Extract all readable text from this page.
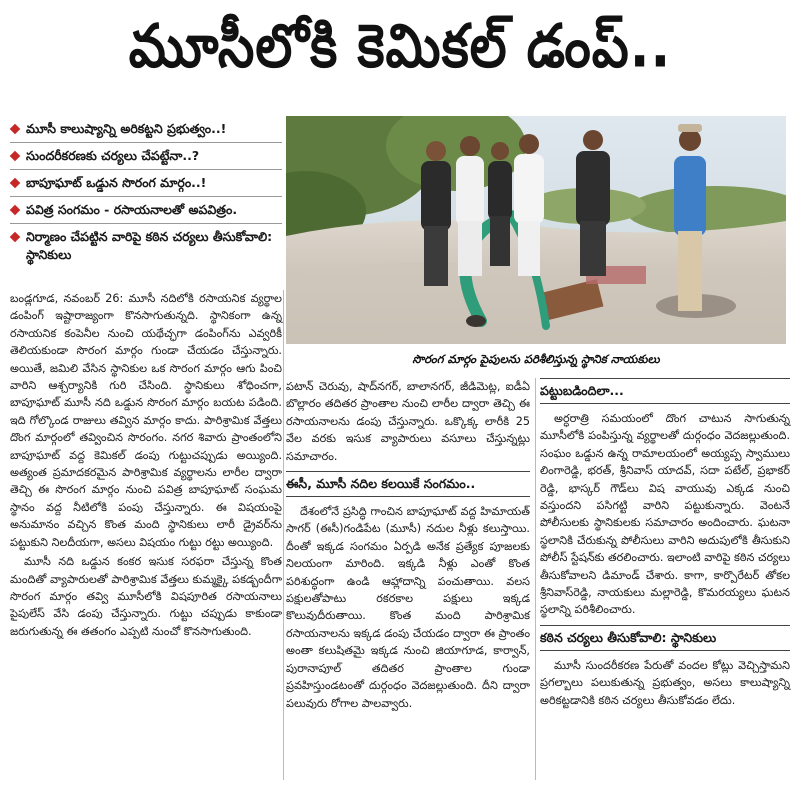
మూసీలోకి కెమికల్ డంప్..
మూసీ కాలుష్యాన్ని అరికట్టని ప్రభుత్వం..!
సుందరీకరణకు చర్యలు చేపట్టేనా..?
బాపూఘాట్ ఒడ్డున సొరంగ మార్గం..!
పవిత్ర సంగమం - రసాయనాలతో అపవిత్రం.
నిర్మాణం చేపట్టిన వారిపై కఠిన చర్యలు తీసుకోవాలి: స్థానికులు
సొరంగ మార్గం పైపులను పరిశీలిస్తున్న స్థానిక నాయకులు

బండ్లగూడ, నవంబర్ 26: మూసీ నదిలోకి రసాయనిక వ్యర్థాల డంపింగ్ ఇష్టారాజ్యంగా కొనసాగుతున్నది. స్థానికంగా ఉన్న రసాయనిక కంపెనీల నుంచి యథేచ్ఛగా డంపింగ్‌ను ఎవ్వరికీ తెలియకుండా సొరంగ మార్గం గుండా చేయడం చేస్తున్నారు. అయితే, జమిలి వేసిన స్థానికుల ఒక సొరంగ మార్గం ఆగు పించి వారిని ఆశ్చర్యానికి గురి చేసింది. స్థానికులు శోధించగా, బాపూఘాట్ మూసీ నది ఒడ్డున సొరంగ మార్గం బయట పడింది. ఇది గోల్కొండ రాజులు తవ్విన మార్గం కాదు. పారిశ్రామిక వేత్తలు దొంగ మార్గంలో తవ్వించిన సొరంగం. నగర శివారు ప్రాంతంలోని బాపూఘాట్ వద్ద కెమికల్ డంపు గుట్టుచప్పుడు అయ్యింది. అత్యంత ప్రమాదకరమైన పారిశ్రామిక వ్యర్థాలను లారీల ద్వారా తెచ్చి ఈ సొరంగ మార్గం నుంచి పవిత్ర బాపూఘాట్ సంఘమ స్థానం వద్ద నీటిలోకి పంపు చేస్తున్నారు. ఈ విషయంపై అనుమానం వచ్చిన కొంత మంది స్థానికులు లారీ డ్రైవర్‌ను పట్టుకుని నిలదీయగా, అసలు విషయం గుట్టు రట్టు అయ్యింది.

మూసీ నది ఒడ్డున కంకర ఇసుక సరఫరా చేస్తున్న కొంత మందితో వ్యాపారులతో పారిశ్రామిక వేత్తలు కుమ్మక్కై పకడ్బందీగా సొరంగ మార్గం తవ్వి మూసీలోకి విషపూరిత రసాయనాలు పైపులేస్ వేసి డంపు చేస్తున్నారు. గుట్టు చప్పుడు కాకుండా జరుగుతున్న ఈ తతంగం ఎప్పటి నుంచో కొనసాగుతుంది.

పటాన్ చెరువు, షాద్‌నగర్, బాలానగర్, జీడిమెట్ల, ఐడీఏ బొల్లారం తదితర ప్రాంతాల నుంచి లారీల ద్వారా తెచ్చి ఈ రసాయనాలను డంపు చేస్తున్నారు. ఒక్కొక్క లారీకి 25 వేల వరకు ఇసుక వ్యాపారులు వసూలు చేస్తున్నట్లు సమాచారం.

ఈసీ, మూసీ నదిల కలయికే సంగమం..

దేశంలోనే ప్రసిద్ధి గాంచిన బాపూఘాట్ వద్ద హిమాయత్ సాగర్ (ఈసీ)గండిపేట (మూసీ) నదుల నీళ్లు కలుస్తాయి. దీంతో ఇక్కడ సంగమం ఏర్పడి అనేక ప్రత్యేక పూజలకు నిలయంగా మారింది. ఇక్కడి నీళ్లు ఎంతో కొంత పరిశుద్ధంగా ఉండి ఆహ్లాదాన్ని పంచుతాయి. వలస పక్షులతోపాటు రకరకాల పక్షులు ఇక్కడ కొలువుదీరుతాయి. కొంత మంది పారిశ్రామిక రసాయనాలను ఇక్కడ డంపు చేయడం ద్వారా ఈ ప్రాంతం అంతా కలుషితమై ఇక్కడ నుంచి జియాగూడ, కార్వాన్, పురానాపూల్ తదితర ప్రాంతాల గుండా ప్రవహిస్తుండటంతో దుర్గంధం వెదజల్లుతుంది. దీని ద్వారా పలువురు రోగాల పాలవ్వారు.

పట్టుబడిందిలా...

అర్ధరాత్రి సమయంలో దొంగ చాటున సాగుతున్న మూసీలోకి పంపిస్తున్న వ్యర్థాలతో దుర్గంధం వెదజల్లుతుంది. సంఘం ఒడ్డున ఉన్న రామాలయంలో అయ్యప్ప స్వాములు లింగారెడ్డి, భరత్, శ్రీనివాస్ యాదవ్, సదా పటేల్, ప్రభాకర్ రెడ్డి, భాస్కర్ గౌడ్‌లు విష వాయువు ఎక్కడ నుంచి వస్తుందని పసిగట్టి వారిని పట్టుకున్నారు. వెంటనే పోలీసులకు స్థానికులకు సమాచారం అందించారు. ఘటనా స్థలానికి చేరుకున్న పోలీసులు వారిని అదుపులోకి తీసుకుని పోలీస్ స్టేషన్‌కు తరలించారు. ఇలాంటి వారిపై కఠిన చర్యలు తీసుకోవాలని డిమాండ్ చేశారు. కాగా, కార్పొరేటర్ తోకల శ్రీనివాస్‌రెడ్డి, నాయకులు మల్లారెడ్డి, కొమరయ్యలు ఘటన స్థలాన్ని పరిశీలించారు.

కఠిన చర్యలు తీసుకోవాలి: స్థానికులు

మూసీ సుందరీకరణ పేరుతో వందల కోట్లు వెచ్చిస్తామని ప్రగల్బాలు పలుకుతున్న ప్రభుత్వం, అసలు కాలుష్యాన్ని అరికట్టడానికి కఠిన చర్యలు తీసుకోవడం లేదు.
